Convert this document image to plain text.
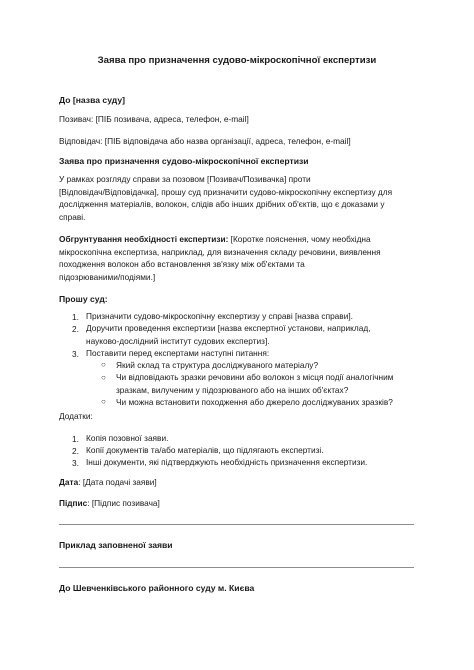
Заява про призначення судово-мікроскопічної експертизи
До [назва суду]
Позивач: [ПІБ позивача, адреса, телефон, e-mail]
Відповідач: [ПІБ відповідача або назва організації, адреса, телефон, e-mail]
Заява про призначення судово-мікроскопічної експертизи
У рамках розгляду справи за позовом [Позивач/Позивачка] проти
[Відповідач/Відповідачка], прошу суд призначити судово-мікроскопічну експертизу для
дослідження матеріалів, волокон, слідів або інших дрібних об'єктів, що є доказами у
справі.
Обгрунтування необхідності експертизи: [Коротке пояснення, чому необхідна
мікроскопічна експертиза, наприклад, для визначення складу речовини, виявлення
походження волокон або встановлення зв'язку між об'єктами та
підозрюваними/подіями.]
Прошу суд:
1. Призначити судово-мікроскопічну експертизу у справі [назва справи].
2. Доручити проведення експертизи [назва експертної установи, наприклад,
науково-дослідний інститут судових експертиз].
3. Поставити перед експертами наступні питання:
○ Який склад та структура досліджуваного матеріалу?
○ Чи відповідають зразки речовини або волокон з місця події аналогічним
зразкам, вилученим у підозрюваного або на інших об'єктах?
○ Чи можна встановити походження або джерело досліджуваних зразків?
Додатки:
1. Копія позовної заяви.
2. Копії документів та/або матеріалів, що підлягають експертизі.
3. Інші документи, які підтверджують необхідність призначення експертизи.
Дата: [Дата подачі заяви]
Підпис: [Підпис позивача]
Приклад заповненої заяви
До Шевченківського районного суду м. Києва
